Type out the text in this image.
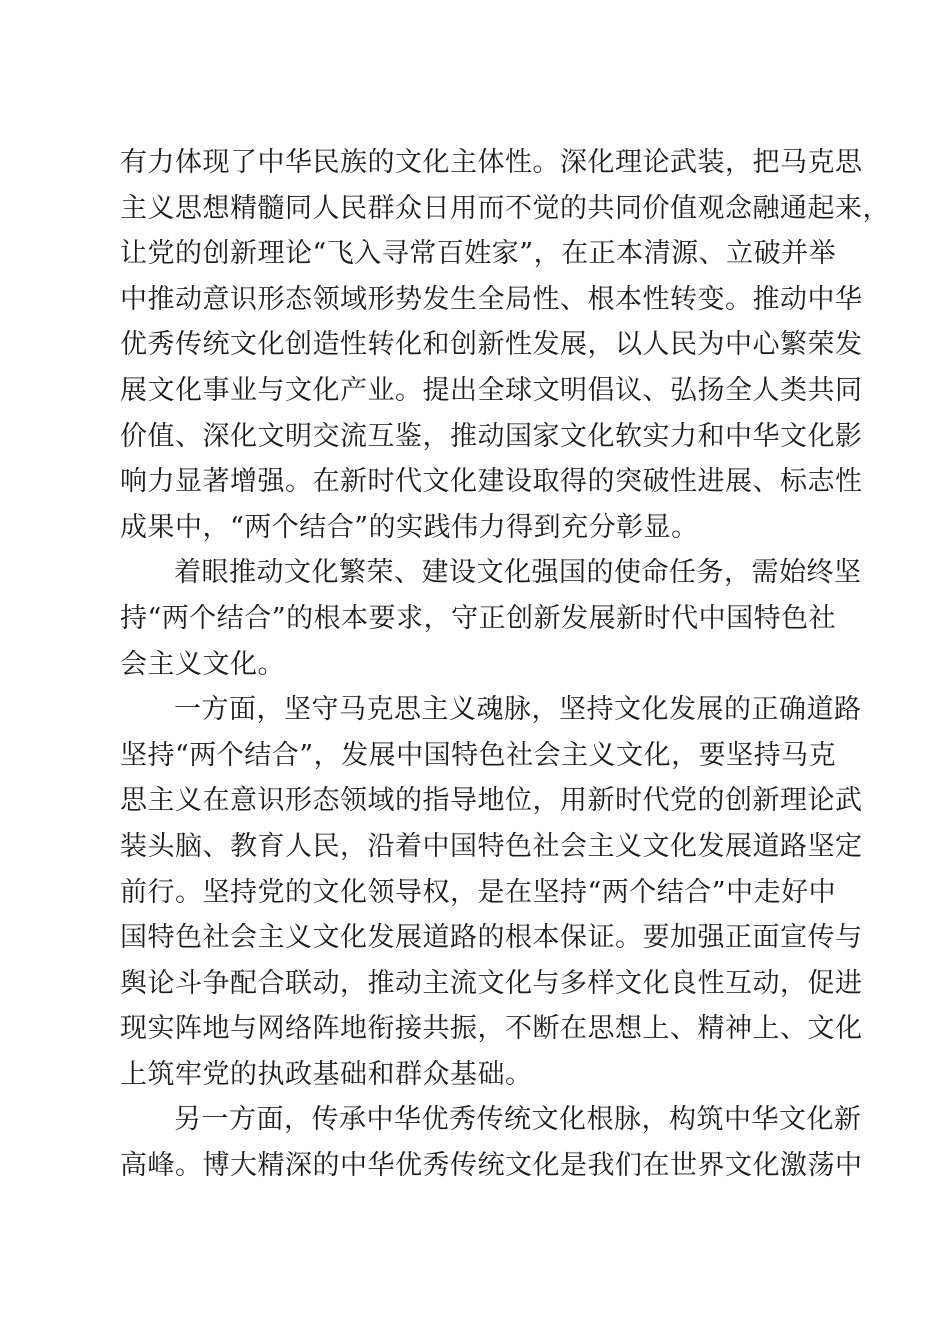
有力体现了中华民族的文化主体性。深化理论武装，把马克思
主义思想精髓同人民群众日用而不觉的共同价值观念融通起来，
让党的创新理论“飞入寻常百姓家”，在正本清源、立破并举
中推动意识形态领域形势发生全局性、根本性转变。推动中华
优秀传统文化创造性转化和创新性发展，以人民为中心繁荣发
展文化事业与文化产业。提出全球文明倡议、弘扬全人类共同
价值、深化文明交流互鉴，推动国家文化软实力和中华文化影
响力显著增强。在新时代文化建设取得的突破性进展、标志性
成果中，“两个结合”的实践伟力得到充分彰显。
着眼推动文化繁荣、建设文化强国的使命任务，需始终坚
持“两个结合”的根本要求，守正创新发展新时代中国特色社
会主义文化。
一方面，坚守马克思主义魂脉，坚持文化发展的正确道路
坚持“两个结合”，发展中国特色社会主义文化，要坚持马克
思主义在意识形态领域的指导地位，用新时代党的创新理论武
装头脑、教育人民，沿着中国特色社会主义文化发展道路坚定
前行。坚持党的文化领导权，是在坚持“两个结合”中走好中
国特色社会主义文化发展道路的根本保证。要加强正面宣传与
舆论斗争配合联动，推动主流文化与多样文化良性互动，促进
现实阵地与网络阵地衔接共振，不断在思想上、精神上、文化
上筑牢党的执政基础和群众基础。
另一方面，传承中华优秀传统文化根脉，构筑中华文化新
高峰。博大精深的中华优秀传统文化是我们在世界文化激荡中
